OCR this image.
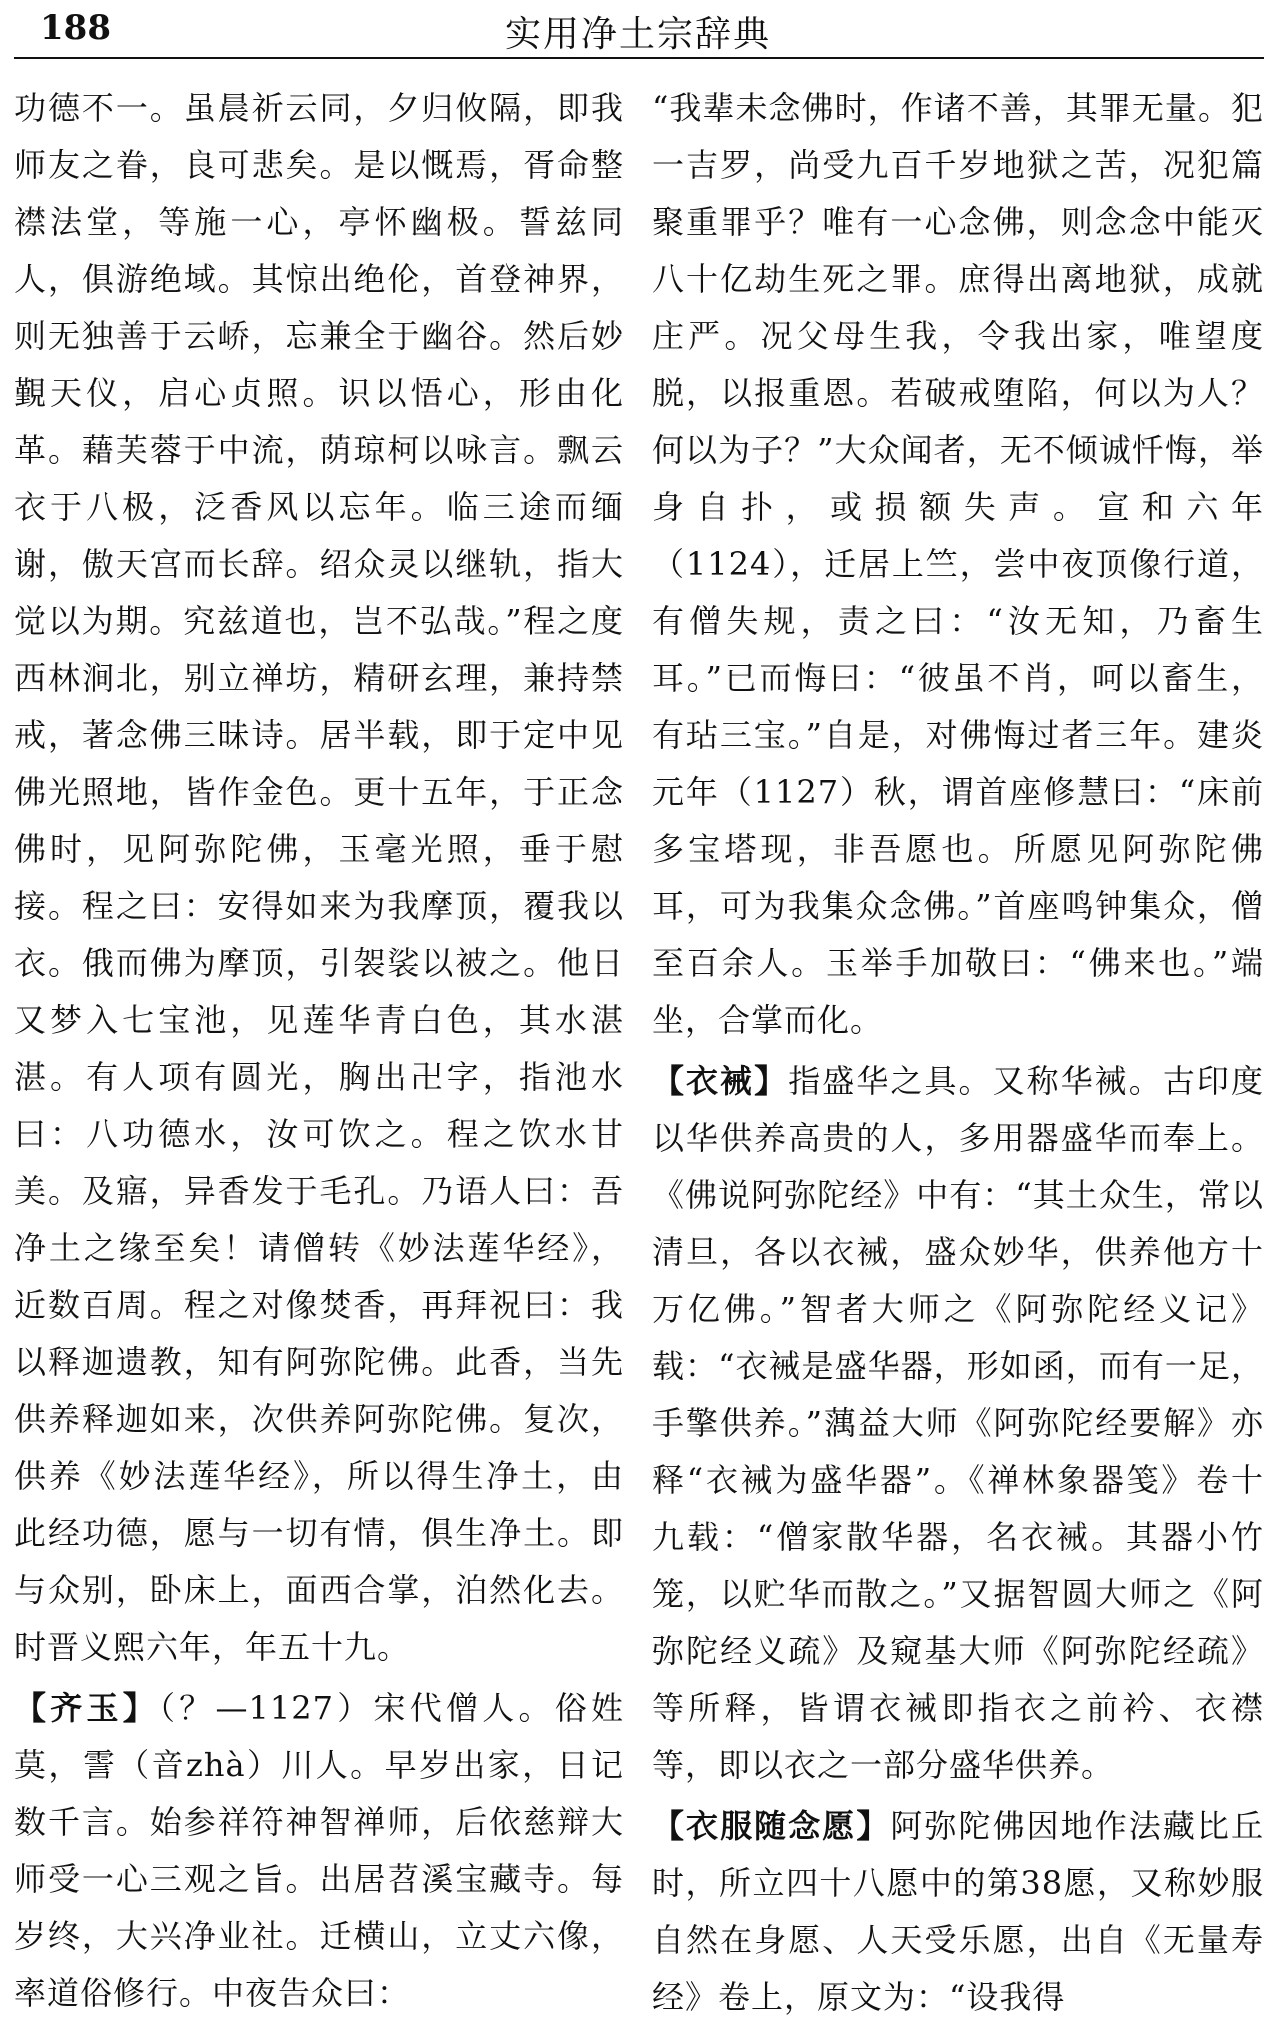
188	实用净土宗辞典

功德不一。虽晨祈云同，夕归攸隔，即我师友之眷，良可悲矣。是以慨焉，胥命整襟法堂，等施一心，亭怀幽极。誓兹同人，俱游绝域。其惊出绝伦，首登神界，则无独善于云峤，忘兼全于幽谷。然后妙覲天仪，启心贞照。识以悟心，形由化革。藉芙蓉于中流，荫琼柯以咏言。飘云衣于八极，泛香风以忘年。临三途而缅谢，傲天宫而长辞。绍众灵以继轨，指大觉以为期。究兹道也，岂不弘哉。”程之度西林涧北，别立禅坊，精研玄理，兼持禁戒，著念佛三昧诗。居半载，即于定中见佛光照地，皆作金色。更十五年，于正念佛时，见阿弥陀佛，玉毫光照，垂于慰接。程之曰：安得如来为我摩顶，覆我以衣。俄而佛为摩顶，引袈裟以被之。他日又梦入七宝池，见莲华青白色，其水湛湛。有人项有圆光，胸出卍字，指池水曰：八功德水，汝可饮之。程之饮水甘美。及寤，异香发于毛孔。乃语人曰：吾净土之缘至矣！请僧转《妙法莲华经》，近数百周。程之对像焚香，再拜祝曰：我以释迦遗教，知有阿弥陀佛。此香，当先供养释迦如来，次供养阿弥陀佛。复次，供养《妙法莲华经》，所以得生净土，由此经功德，愿与一切有情，俱生净土。即与众别，卧床上，面西合掌，泊然化去。时晋义熙六年，年五十九。

【齐玉】（？—1127）宋代僧人。俗姓莫，霅（音zhà）川人。早岁出家，日记数千言。始参祥符神智禅师，后依慈辩大师受一心三观之旨。出居苕溪宝藏寺。每岁终，大兴净业社。迁横山，立丈六像，率道俗修行。中夜告众曰：

“我辈未念佛时，作诸不善，其罪无量。犯一吉罗，尚受九百千岁地狱之苦，况犯篇聚重罪乎？唯有一心念佛，则念念中能灭八十亿劫生死之罪。庶得出离地狱，成就庄严。况父母生我，令我出家，唯望度脱，以报重恩。若破戒堕陷，何以为人？何以为子？”大众闻者，无不倾诚忏悔，举身自扑，或损额失声。宣和六年（1124），迁居上竺，尝中夜顶像行道，有僧失规，责之曰：“汝无知，乃畜生耳。”已而悔曰：“彼虽不肖，呵以畜生，有玷三宝。”自是，对佛悔过者三年。建炎元年（1127）秋，谓首座修慧曰：“床前多宝塔现，非吾愿也。所愿见阿弥陀佛耳，可为我集众念佛。”首座鸣钟集众，僧至百余人。玉举手加敬曰：“佛来也。”端坐，合掌而化。

【衣裓】指盛华之具。又称华裓。古印度以华供养高贵的人，多用器盛华而奉上。《佛说阿弥陀经》中有：“其土众生，常以清旦，各以衣裓，盛众妙华，供养他方十万亿佛。”智者大师之《阿弥陀经义记》载：“衣裓是盛华器，形如函，而有一足，手擎供养。”蕅益大师《阿弥陀经要解》亦释“衣裓为盛华器”。《禅林象器笺》卷十九载：“僧家散华器，名衣裓。其器小竹笼，以贮华而散之。”又据智圆大师之《阿弥陀经义疏》及窥基大师《阿弥陀经疏》等所释，皆谓衣裓即指衣之前衿、衣襟等，即以衣之一部分盛华供养。

【衣服随念愿】阿弥陀佛因地作法藏比丘时，所立四十八愿中的第38愿，又称妙服自然在身愿、人天受乐愿，出自《无量寿经》卷上，原文为：“设我得
